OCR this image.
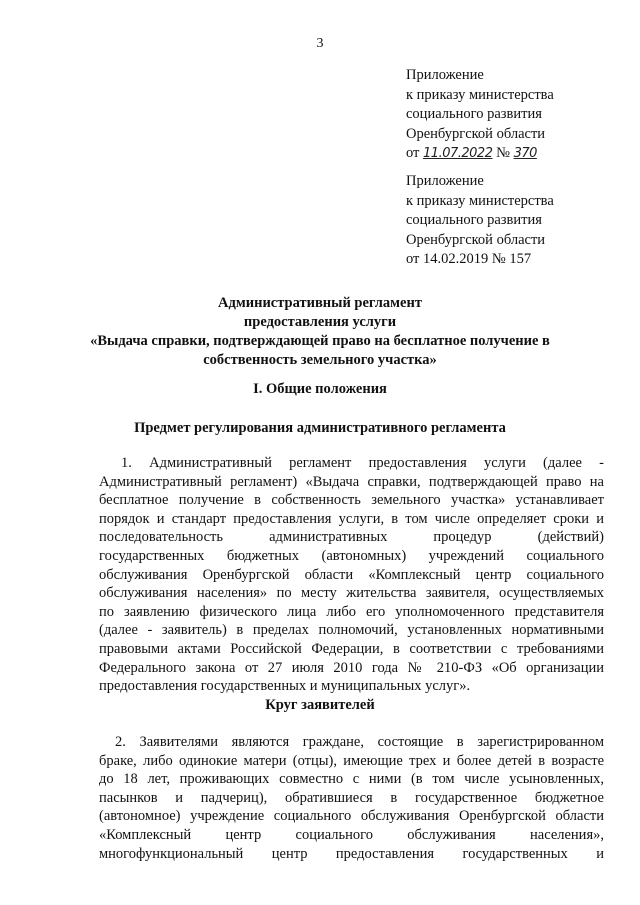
3
Приложение
к приказу министерства
социального развития
Оренбургской области
от 11.07.2022 № 370
Приложение
к приказу министерства
социального развития
Оренбургской области
от 14.02.2019 № 157
Административный регламент
предоставления услуги
«Выдача справки, подтверждающей право на бесплатное получение в
собственность земельного участка»
I. Общие положения
Предмет регулирования административного регламента
1. Административный регламент предоставления услуги (далее -
Административный регламент) «Выдача справки, подтверждающей право на
бесплатное получение в собственность земельного участка» устанавливает
порядок и стандарт предоставления услуги, в том числе определяет сроки и
последовательность административных процедур (действий)
государственных бюджетных (автономных) учреждений социального
обслуживания Оренбургской области «Комплексный центр социального
обслуживания населения» по месту жительства заявителя, осуществляемых
по заявлению физического лица либо его уполномоченного представителя
(далее - заявитель) в пределах полномочий, установленных нормативными
правовыми актами Российской Федерации, в соответствии с требованиями
Федерального закона от 27 июля 2010 года № 210-ФЗ «Об организации
предоставления государственных и муниципальных услуг».
Круг заявителей
2. Заявителями являются граждане, состоящие в зарегистрированном
браке, либо одинокие матери (отцы), имеющие трех и более детей в возрасте
до 18 лет, проживающих совместно с ними (в том числе усыновленных,
пасынков и падчериц), обратившиеся в государственное бюджетное
(автономное) учреждение социального обслуживания Оренбургской области
«Комплексный центр социального обслуживания населения»,
многофункциональный центр предоставления государственных и
